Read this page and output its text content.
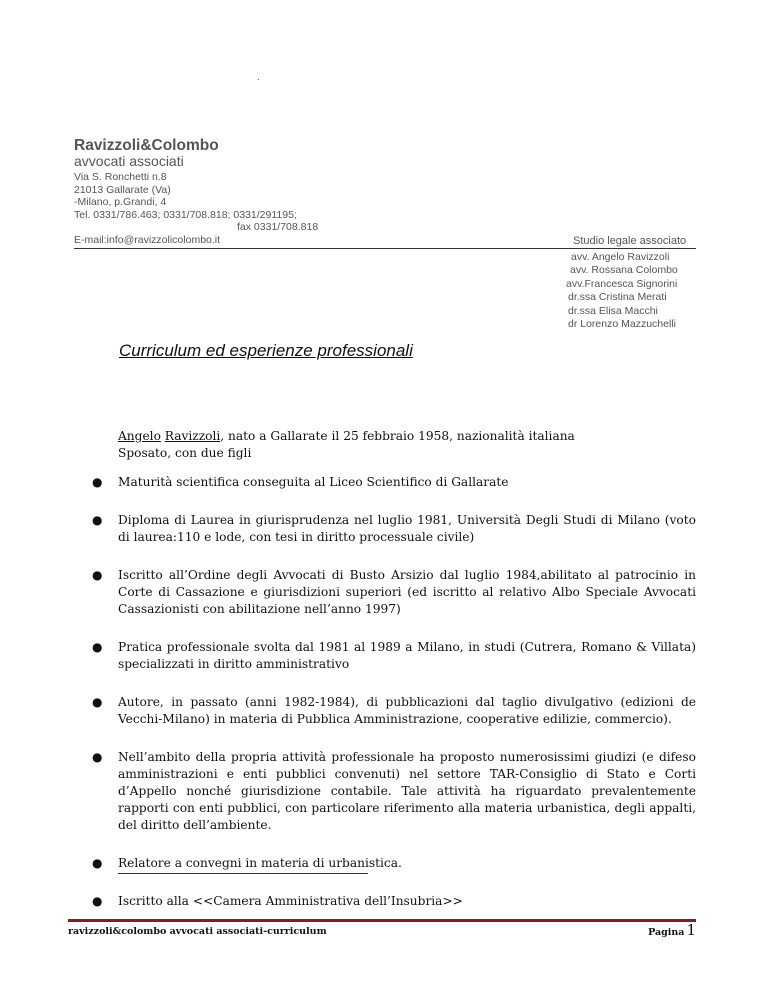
.
Ravizzoli&Colombo
avvocati associati
Via S. Ronchetti n.8
21013 Gallarate (Va)
-Milano, p.Grandi, 4
Tel. 0331/786.463; 0331/708.818; 0331/291195;
fax 0331/708.818
E-mail:info@ravizzolicolombo.it	Studio legale associato
avv. Angelo Ravizzoli
avv. Rossana Colombo
avv.Francesca Signorini
dr.ssa Cristina Merati
dr.ssa Elisa Macchi
dr Lorenzo Mazzuchelli
Curriculum ed esperienze professionali
Angelo Ravizzoli, nato a Gallarate il 25 febbraio 1958, nazionalità italiana
Sposato, con due figli
● Maturità scientifica conseguita al Liceo Scientifico di Gallarate
● Diploma di Laurea in giurisprudenza nel luglio 1981, Università Degli Studi di Milano (voto di laurea:110 e lode, con tesi in diritto processuale civile)
● Iscritto all’Ordine degli Avvocati di Busto Arsizio dal luglio 1984,abilitato al patrocinio in Corte di Cassazione e giurisdizioni superiori (ed iscritto al relativo Albo Speciale Avvocati Cassazionisti con abilitazione nell’anno 1997)
● Pratica professionale svolta dal 1981 al 1989 a Milano, in studi (Cutrera, Romano & Villata) specializzati in diritto amministrativo
● Autore, in passato (anni 1982-1984), di pubblicazioni dal taglio divulgativo (edizioni de Vecchi-Milano) in materia di Pubblica Amministrazione, cooperative edilizie, commercio).
● Nell’ambito della propria attività professionale ha proposto numerosissimi giudizi (e difeso amministrazioni e enti pubblici convenuti) nel settore TAR-Consiglio di Stato e Corti d’Appello nonché giurisdizione contabile. Tale attività ha riguardato prevalentemente rapporti con enti pubblici, con particolare riferimento alla materia urbanistica, degli appalti, del diritto dell’ambiente.
● Relatore a convegni in materia di urbanistica.
● Iscritto alla <<Camera Amministrativa dell’Insubria>>
ravizzoli&colombo avvocati associati-curriculum	Pagina 1
